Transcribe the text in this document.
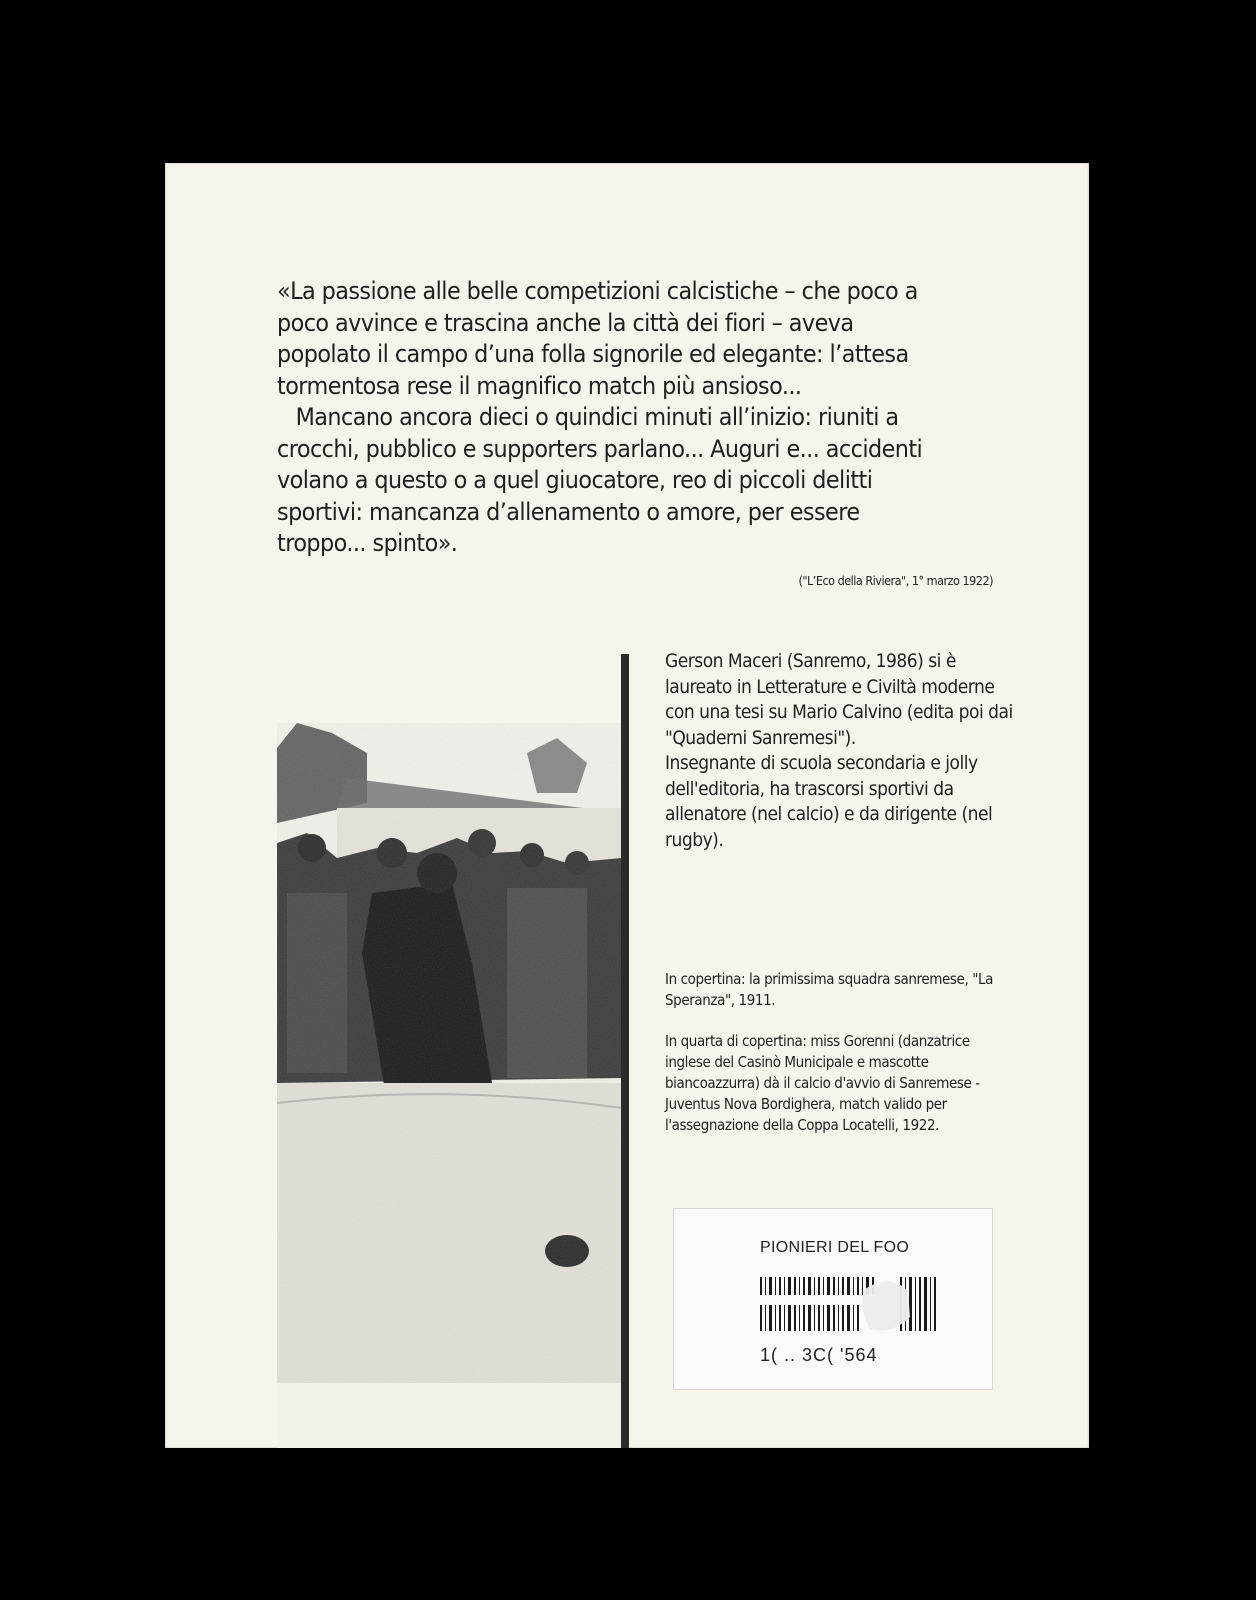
«La passione alle belle competizioni calcistiche – che poco a poco avvince e trascina anche la città dei fiori – aveva popolato il campo d’una folla signorile ed elegante: l’attesa tormentosa rese il magnifico match più ansioso...

Mancano ancora dieci o quindici minuti all’inizio: riuniti a crocchi, pubblico e supporters parlano... Auguri e... accidenti volano a questo o a quel giuocatore, reo di piccoli delitti sportivi: mancanza d’allenamento o amore, per essere troppo... spinto».

("L’Eco della Riviera", 1° marzo 1922)

Gerson Maceri (Sanremo, 1986) si è laureato in Letterature e Civiltà moderne con una tesi su Mario Calvino (edita poi dai "Quaderni Sanremesi").

Insegnante di scuola secondaria e jolly dell'editoria, ha trascorsi sportivi da allenatore (nel calcio) e da dirigente (nel rugby).

In copertina: la primissima squadra sanremese, "La Speranza", 1911.

In quarta di copertina: miss Gorenni (danzatrice inglese del Casinò Municipale e mascotte biancoazzurra) dà il calcio d'avvio di Sanremese - Juventus Nova Bordighera, match valido per l'assegnazione della Coppa Locatelli, 1922.

PIONIERI DEL FOO
1( .. 3C( '564
